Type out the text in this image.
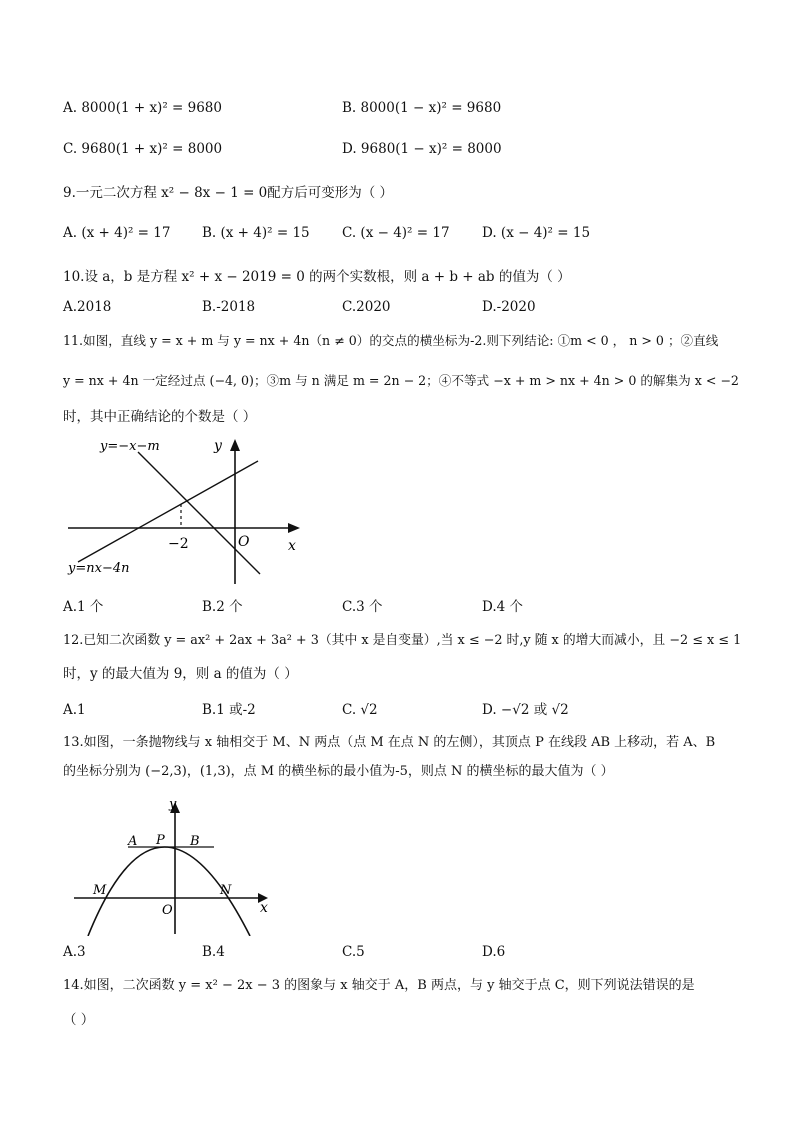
A. 8000(1 + x)² = 9680	B. 8000(1 − x)² = 9680
C. 9680(1 + x)² = 8000	D. 9680(1 − x)² = 8000
9.一元二次方程 x² − 8x − 1 = 0配方后可变形为（ ）
A. (x + 4)² = 17 B. (x + 4)² = 15 C. (x − 4)² = 17 D. (x − 4)² = 15
10.设 a，b 是方程 x² + x − 2019 = 0 的两个实数根，则 a + b + ab 的值为（ ）
A.2018	B.-2018	C.2020	D.-2020
11.如图，直线 y = x + m 与 y = nx + 4n（n ≠ 0）的交点的横坐标为-2.则下列结论: ①m < 0 ， n > 0 ；②直线
y = nx + 4n 一定经过点 (−4, 0)；③m 与 n 满足 m = 2n − 2；④不等式 −x + m > nx + 4n > 0 的解集为 x < −2
时，其中正确结论的个数是（ ）
y=−x−m
y=nx−4n
y
x
O
−2
A.1 个	B.2 个	C.3 个	D.4 个
12.已知二次函数 y = ax² + 2ax + 3a² + 3（其中 x 是自变量）,当 x ≤ −2 时,y 随 x 的增大而减小，且 −2 ≤ x ≤ 1
时，y 的最大值为 9，则 a 的值为（ ）
A.1	B.1 或-2	C. √2	D. −√2 或 √2
13.如图，一条抛物线与 x 轴相交于 M、N 两点（点 M 在点 N 的左侧），其顶点 P 在线段 AB 上移动，若 A、B
的坐标分别为 (−2,3)，(1,3)，点 M 的横坐标的最小值为-5，则点 N 的横坐标的最大值为（ ）
y
x
O
A P B
M	N
A.3	B.4	C.5	D.6
14.如图，二次函数 y = x² − 2x − 3 的图象与 x 轴交于 A，B 两点，与 y 轴交于点 C，则下列说法错误的是
（ ）
